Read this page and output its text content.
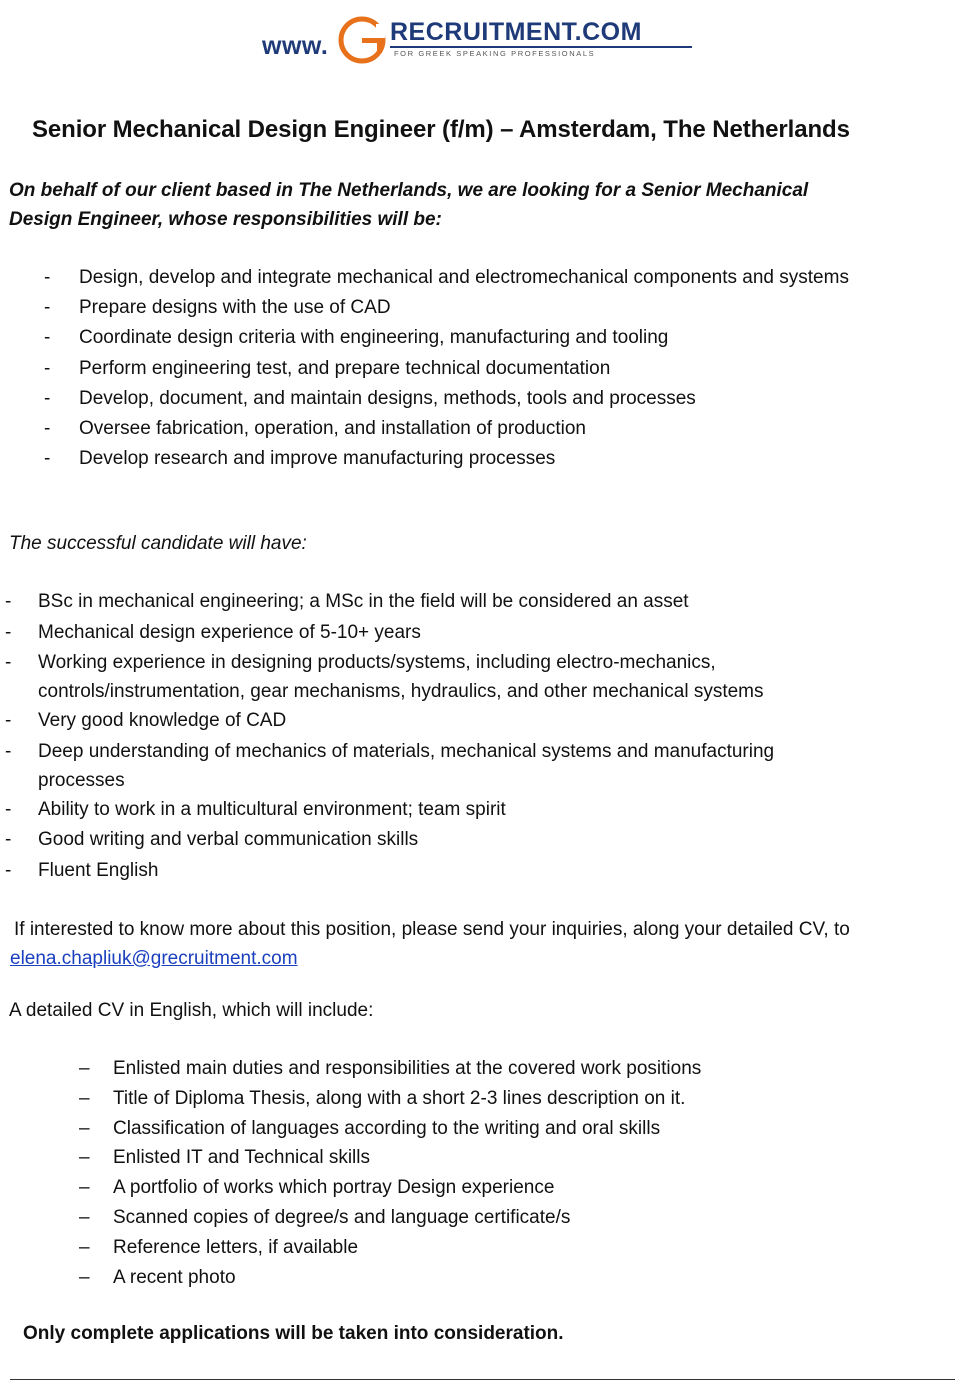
www. RECRUITMENT.COM
FOR GREEK SPEAKING PROFESSIONALS
Senior Mechanical Design Engineer (f/m) – Amsterdam, The Netherlands

On behalf of our client based in The Netherlands, we are looking for a Senior Mechanical

Design Engineer, whose responsibilities will be:

- Design, develop and integrate mechanical and electromechanical components and systems
- Prepare designs with the use of CAD
- Coordinate design criteria with engineering, manufacturing and tooling
- Perform engineering test, and prepare technical documentation
- Develop, document, and maintain designs, methods, tools and processes
- Oversee fabrication, operation, and installation of production
- Develop research and improve manufacturing processes

The successful candidate will have:

- BSc in mechanical engineering; a MSc in the field will be considered an asset
- Mechanical design experience of 5-10+ years
- Working experience in designing products/systems, including electro-mechanics,
controls/instrumentation, gear mechanisms, hydraulics, and other mechanical systems
- Very good knowledge of CAD
- Deep understanding of mechanics of materials, mechanical systems and manufacturing
processes
- Ability to work in a multicultural environment; team spirit
- Good writing and verbal communication skills
- Fluent English

If interested to know more about this position, please send your inquiries, along your detailed CV, to elena.chapliuk@grecruitment.com

A detailed CV in English, which will include:

– Enlisted main duties and responsibilities at the covered work positions
– Title of Diploma Thesis, along with a short 2-3 lines description on it.
– Classification of languages according to the writing and oral skills
– Enlisted IT and Technical skills
– A portfolio of works which portray Design experience
– Scanned copies of degree/s and language certificate/s
– Reference letters, if available
– A recent photo

Only complete applications will be taken into consideration.
